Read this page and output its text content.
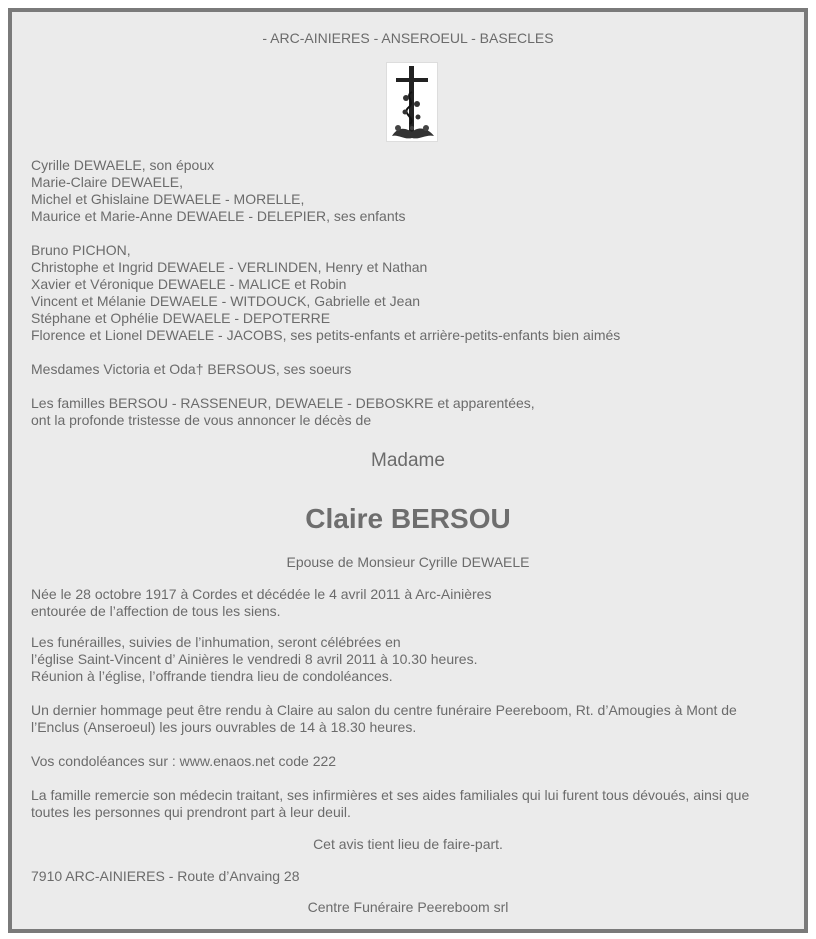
- ARC-AINIERES - ANSEROEUL - BASECLES

Cyrille DEWAELE, son époux

Marie-Claire DEWAELE,

Michel et Ghislaine DEWAELE - MORELLE,

Maurice et Marie-Anne DEWAELE - DELEPIER, ses enfants

Bruno PICHON,

Christophe et Ingrid DEWAELE - VERLINDEN, Henry et Nathan

Xavier et Véronique DEWAELE - MALICE et Robin

Vincent et Mélanie DEWAELE - WITDOUCK, Gabrielle et Jean

Stéphane et Ophélie DEWAELE - DEPOTERRE

Florence et Lionel DEWAELE - JACOBS, ses petits-enfants et arrière-petits-enfants bien aimés

Mesdames Victoria et Oda† BERSOUS, ses soeurs

Les familles BERSOU - RASSENEUR, DEWAELE - DEBOSKRE et apparentées,

ont la profonde tristesse de vous annoncer le décès de

Madame
Claire BERSOU
Epouse de Monsieur Cyrille DEWAELE

Née le 28 octobre 1917 à Cordes et décédée le 4 avril 2011 à Arc-Ainières

entourée de l’affection de tous les siens.

Les funérailles, suivies de l’inhumation, seront célébrées en

l’église Saint-Vincent d’ Ainières le vendredi 8 avril 2011 à 10.30 heures.

Réunion à l’église, l’offrande tiendra lieu de condoléances.

Un dernier hommage peut être rendu à Claire au salon du centre funéraire Peereboom, Rt. d’Amougies à Mont de

l’Enclus (Anseroeul) les jours ouvrables de 14 à 18.30 heures.

Vos condoléances sur : www.enaos.net code 222

La famille remercie son médecin traitant, ses infirmières et ses aides familiales qui lui furent tous dévoués, ainsi que

toutes les personnes qui prendront part à leur deuil.

Cet avis tient lieu de faire-part.
7910 ARC-AINIERES - Route d’Anvaing 28
Centre Funéraire Peereboom srl
